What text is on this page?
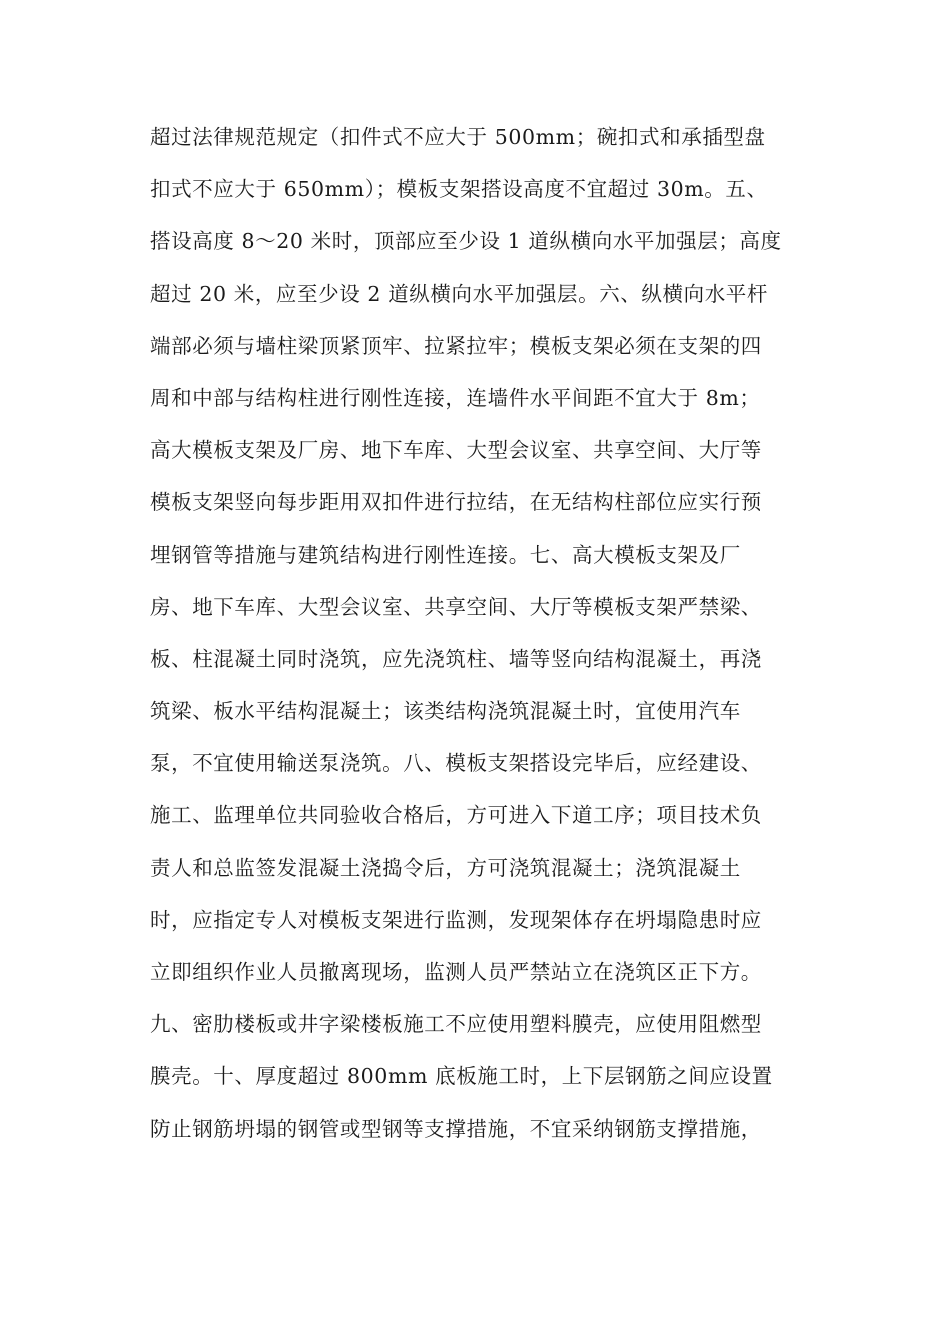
超过法律规范规定（扣件式不应大于 500mm；碗扣式和承插型盘
扣式不应大于 650mm）；模板支架搭设高度不宜超过 30m。五、
搭设高度 8～20 米时，顶部应至少设 1 道纵横向水平加强层；高度
超过 20 米，应至少设 2 道纵横向水平加强层。六、纵横向水平杆
端部必须与墙柱梁顶紧顶牢、拉紧拉牢；模板支架必须在支架的四
周和中部与结构柱进行刚性连接，连墙件水平间距不宜大于 8m；
高大模板支架及厂房、地下车库、大型会议室、共享空间、大厅等
模板支架竖向每步距用双扣件进行拉结，在无结构柱部位应实行预
埋钢管等措施与建筑结构进行刚性连接。七、高大模板支架及厂
房、地下车库、大型会议室、共享空间、大厅等模板支架严禁梁、
板、柱混凝土同时浇筑，应先浇筑柱、墙等竖向结构混凝土，再浇
筑梁、板水平结构混凝土；该类结构浇筑混凝土时，宜使用汽车
泵，不宜使用输送泵浇筑。八、模板支架搭设完毕后，应经建设、
施工、监理单位共同验收合格后，方可进入下道工序；项目技术负
责人和总监签发混凝土浇捣令后，方可浇筑混凝土；浇筑混凝土
时，应指定专人对模板支架进行监测，发现架体存在坍塌隐患时应
立即组织作业人员撤离现场，监测人员严禁站立在浇筑区正下方。
九、密肋楼板或井字梁楼板施工不应使用塑料膜壳，应使用阻燃型
膜壳。十、厚度超过 800mm 底板施工时，上下层钢筋之间应设置
防止钢筋坍塌的钢管或型钢等支撑措施，不宜采纳钢筋支撑措施，
